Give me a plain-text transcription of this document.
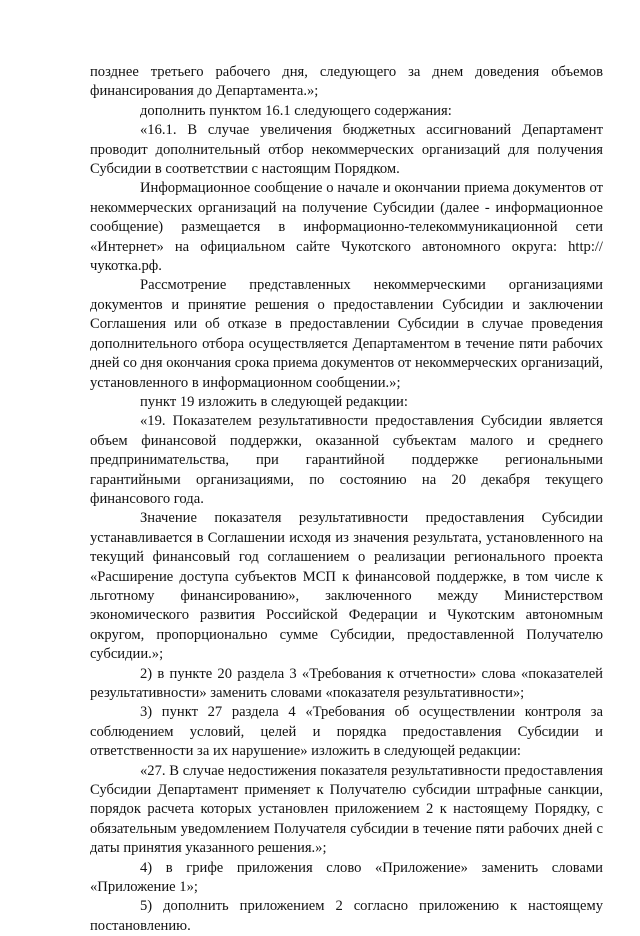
позднее третьего рабочего дня, следующего за днем доведения объемов финансирования до Департамента.»;

дополнить пунктом 16.1 следующего содержания:

«16.1. В случае увеличения бюджетных ассигнований Департамент проводит дополнительный отбор некоммерческих организаций для получения Субсидии в соответствии с настоящим Порядком.

Информационное сообщение о начале и окончании приема документов от некоммерческих организаций на получение Субсидии (далее - информационное сообщение) размещается в информационно-телекоммуникационной сети «Интернет» на официальном сайте Чукотского автономного округа: http://чукотка.рф.

Рассмотрение представленных некоммерческими организациями документов и принятие решения о предоставлении Субсидии и заключении Соглашения или об отказе в предоставлении Субсидии в случае проведения дополнительного отбора осуществляется Департаментом в течение пяти рабочих дней со дня окончания срока приема документов от некоммерческих организаций, установленного в информационном сообщении.»;

пункт 19 изложить в следующей редакции:

«19. Показателем результативности предоставления Субсидии является объем финансовой поддержки, оказанной субъектам малого и среднего предпринимательства, при гарантийной поддержке региональными гарантийными организациями, по состоянию на 20 декабря текущего финансового года.

Значение показателя результативности предоставления Субсидии устанавливается в Соглашении исходя из значения результата, установленного на текущий финансовый год соглашением о реализации регионального проекта «Расширение доступа субъектов МСП к финансовой поддержке, в том числе к льготному финансированию», заключенного между Министерством экономического развития Российской Федерации и Чукотским автономным округом, пропорционально сумме Субсидии, предоставленной Получателю субсидии.»;

2) в пункте 20 раздела 3 «Требования к отчетности» слова «показателей результативности» заменить словами «показателя результативности»;

3) пункт 27 раздела 4 «Требования об осуществлении контроля за соблюдением условий, целей и порядка предоставления Субсидии и ответственности за их нарушение» изложить в следующей редакции:

«27. В случае недостижения показателя результативности предоставления Субсидии Департамент применяет к Получателю субсидии штрафные санкции, порядок расчета которых установлен приложением 2 к настоящему Порядку, с обязательным уведомлением Получателя субсидии в течение пяти рабочих дней с даты принятия указанного решения.»;

4) в грифе приложения слово «Приложение» заменить словами «Приложение 1»;

5) дополнить приложением 2 согласно приложению к настоящему постановлению.
